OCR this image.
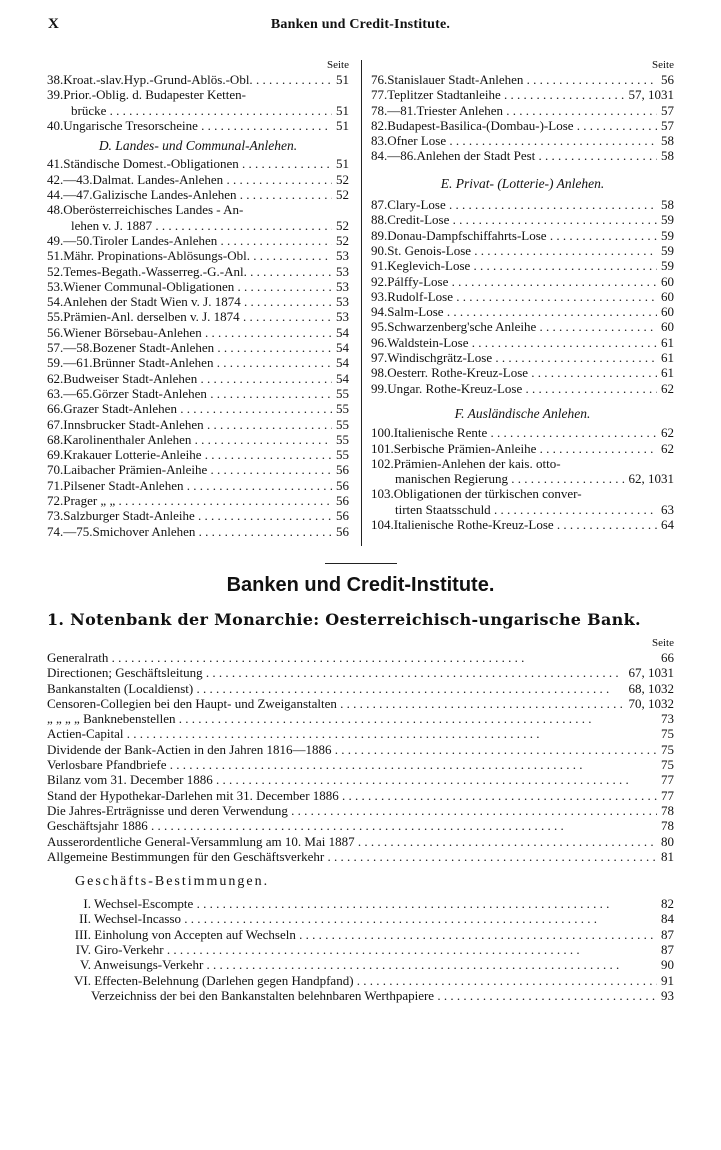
X	Banken und Credit-Institute.
Seite
38.Kroat.-slav.Hyp.-Grund-Ablös.-Obl. . . .	51
39.Prior.-Oblig. d. Budapester Ketten-
brücke . . .	51
40.Ungarische Tresorscheine . . .	51
D. Landes- und Communal-Anlehen.
41.Ständische Domest.-Obligationen . . .	51
42.—43.Dalmat. Landes-Anlehen . . .	52
44.—47.Galizische Landes-Anlehen . . .	52
48.Oberösterreichisches Landes - An-
lehen v. J. 1887 . . .	52
49.—50.Tiroler Landes-Anlehen . . .	52
51.Mähr. Propinations-Ablösungs-Obl. . . .	53
52.Temes-Begath.-Wasserreg.-G.-Anl. . . .	53
53.Wiener Communal-Obligationen . . .	53
54.Anlehen der Stadt Wien v. J. 1874 . . .	53
55.Prämien-Anl. derselben v. J. 1874 . . .	53
56.Wiener Börsebau-Anlehen . . .	54
57.—58.Bozener Stadt-Anlehen . . .	54
59.—61.Brünner Stadt-Anlehen . . .	54
62.Budweiser Stadt-Anlehen . . .	54
63.—65.Görzer Stadt-Anlehen . . .	55
66.Grazer Stadt-Anlehen . . .	55
67.Innsbrucker Stadt-Anlehen . . .	55
68.Karolinenthaler Anlehen . . .	55
69.Krakauer Lotterie-Anleihe . . .	55
70.Laibacher Prämien-Anleihe . . .	56
71.Pilsener Stadt-Anlehen . . .	56
72.Prager „ „ . . .	56
73.Salzburger Stadt-Anleihe . . .	56
74.—75.Smichover Anlehen . . .	56
Seite
76.Stanislauer Stadt-Anlehen . . .	56
77.Teplitzer Stadtanleihe . . .	57, 1031
78.—81.Triester Anlehen . . .	57
82.Budapest-Basilica-(Dombau-)-Lose . . .	57
83.Ofner Lose . . .	58
84.—86.Anlehen der Stadt Pest . . .	58
E. Privat- (Lotterie-) Anlehen.
87.Clary-Lose . . .	58
88.Credit-Lose . . .	59
89.Donau-Dampfschiffahrts-Lose . . .	59
90.St. Genois-Lose . . .	59
91.Keglevich-Lose . . .	59
92.Pálffy-Lose . . .	60
93.Rudolf-Lose . . .	60
94.Salm-Lose . . .	60
95.Schwarzenberg'sche Anleihe . . .	60
96.Waldstein-Lose . . .	61
97.Windischgrätz-Lose . . .	61
98.Oesterr. Rothe-Kreuz-Lose . . .	61
99.Ungar. Rothe-Kreuz-Lose . . .	62
F. Ausländische Anlehen.
100.Italienische Rente . . .	62
101.Serbische Prämien-Anleihe . . .	62
102.Prämien-Anlehen der kais. otto-
manischen Regierung . . .	62, 1031
103.Obligationen der türkischen conver-
tirten Staatsschuld . . .	63
104.Italienische Rothe-Kreuz-Lose . . .	64
Banken und Credit-Institute.
1. Notenbank der Monarchie: Oesterreichisch-ungarische Bank.
Seite
Generalrath . . .	66
Directionen; Geschäftsleitung . . .	67, 1031
Bankanstalten (Localdienst) . . .	68, 1032
Censoren-Collegien bei den Haupt- und Zweiganstalten . . .	70, 1032
„ „ „ „ Banknebenstellen . . .	73
Actien-Capital . . .	75
Dividende der Bank-Actien in den Jahren 1816—1886 . . .	75
Verlosbare Pfandbriefe . . .	75
Bilanz vom 31. December 1886 . . .	77
Stand der Hypothekar-Darlehen mit 31. December 1886 . . .	77
Die Jahres-Erträgnisse und deren Verwendung . . .	78
Geschäftsjahr 1886 . . .	78
Ausserordentliche General-Versammlung am 10. Mai 1887 . . .	80
Allgemeine Bestimmungen für den Geschäftsverkehr . . .	81
Geschäfts-Bestimmungen.
I. Wechsel-Escompte . . .	82
II. Wechsel-Incasso . . .	84
III. Einholung von Accepten auf Wechseln . . .	87
IV. Giro-Verkehr . . .	87
V. Anweisungs-Verkehr . . .	90
VI. Effecten-Belehnung (Darlehen gegen Handpfand) . . .	91
Verzeichniss der bei den Bankanstalten belehnbaren Werthpapiere . . .	93
